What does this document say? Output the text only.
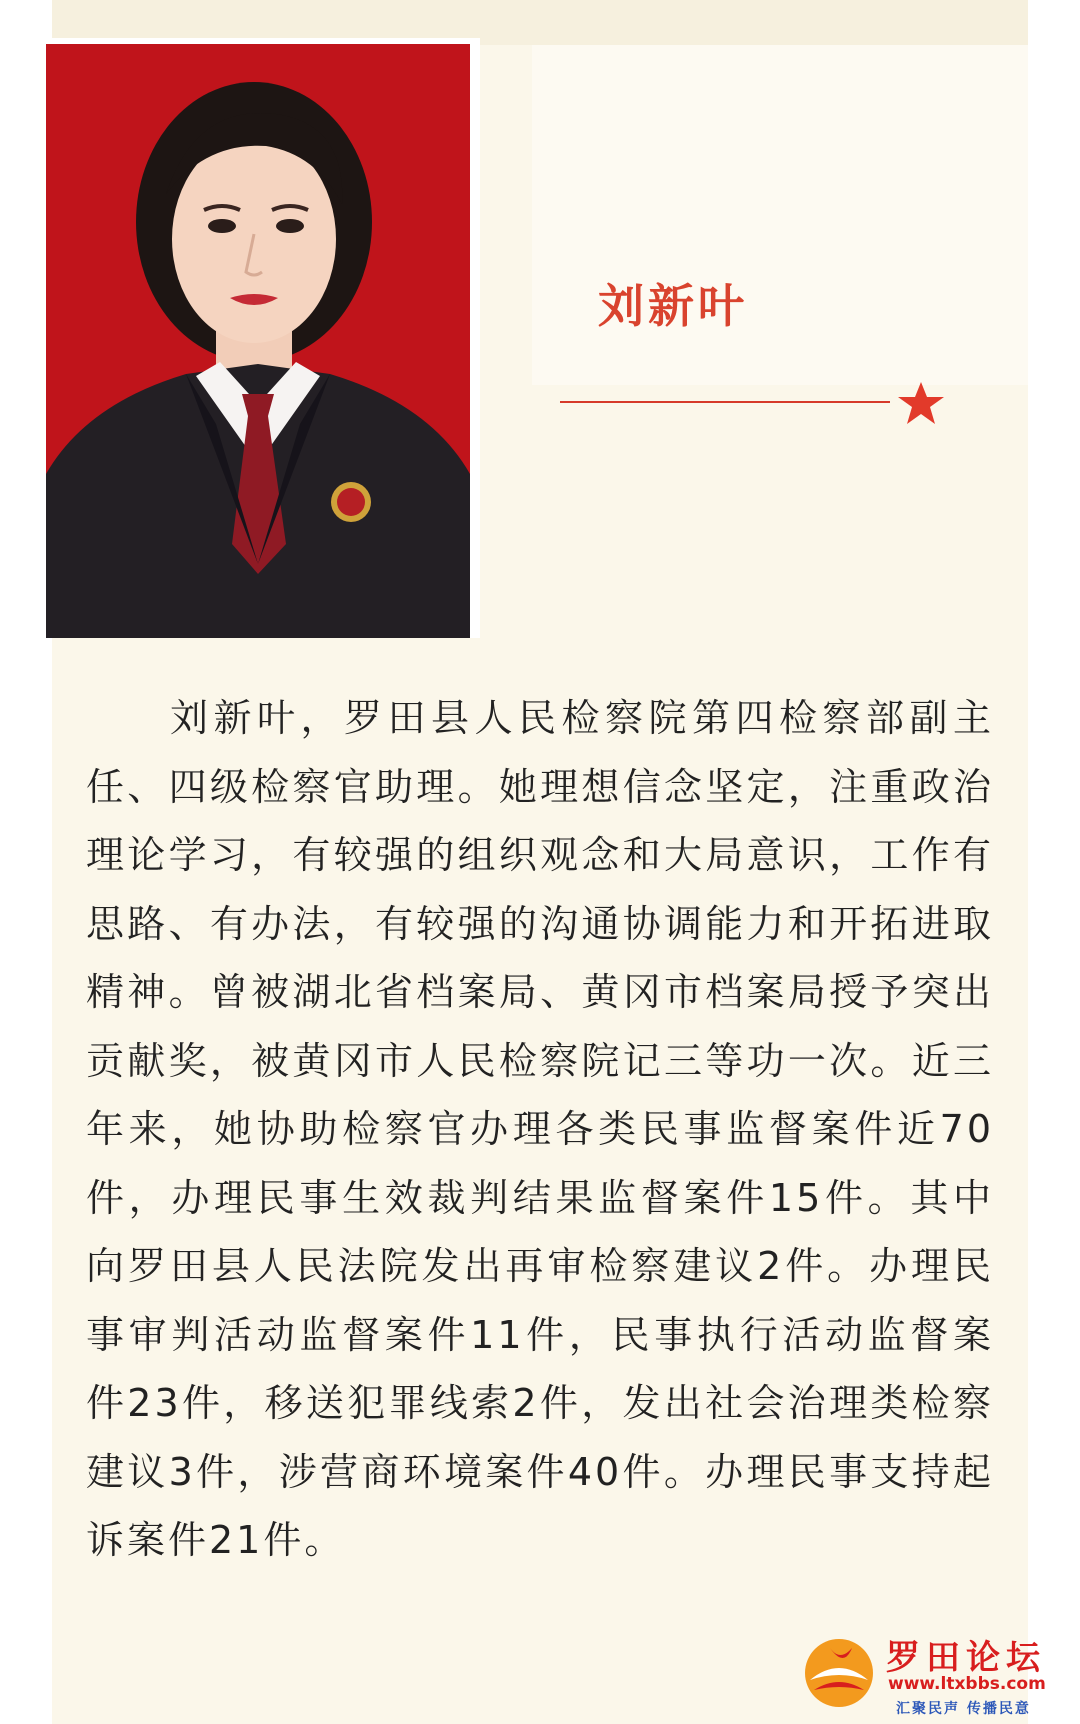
刘新叶

刘新叶，罗田县人民检察院第四检察部副主任、四级检察官助理。她理想信念坚定，注重政治理论学习，有较强的组织观念和大局意识，工作有思路、有办法，有较强的沟通协调能力和开拓进取精神。曾被湖北省档案局、黄冈市档案局授予突出贡献奖，被黄冈市人民检察院记三等功一次。近三年来，她协助检察官办理各类民事监督案件近70件，办理民事生效裁判结果监督案件15件。其中向罗田县人民法院发出再审检察建议2件。办理民事审判活动监督案件11件，民事执行活动监督案件23件，移送犯罪线索2件，发出社会治理类检察建议3件，涉营商环境案件40件。办理民事支持起诉案件21件。

罗田论坛
www.ltxbbs.com
汇聚民声 传播民意
